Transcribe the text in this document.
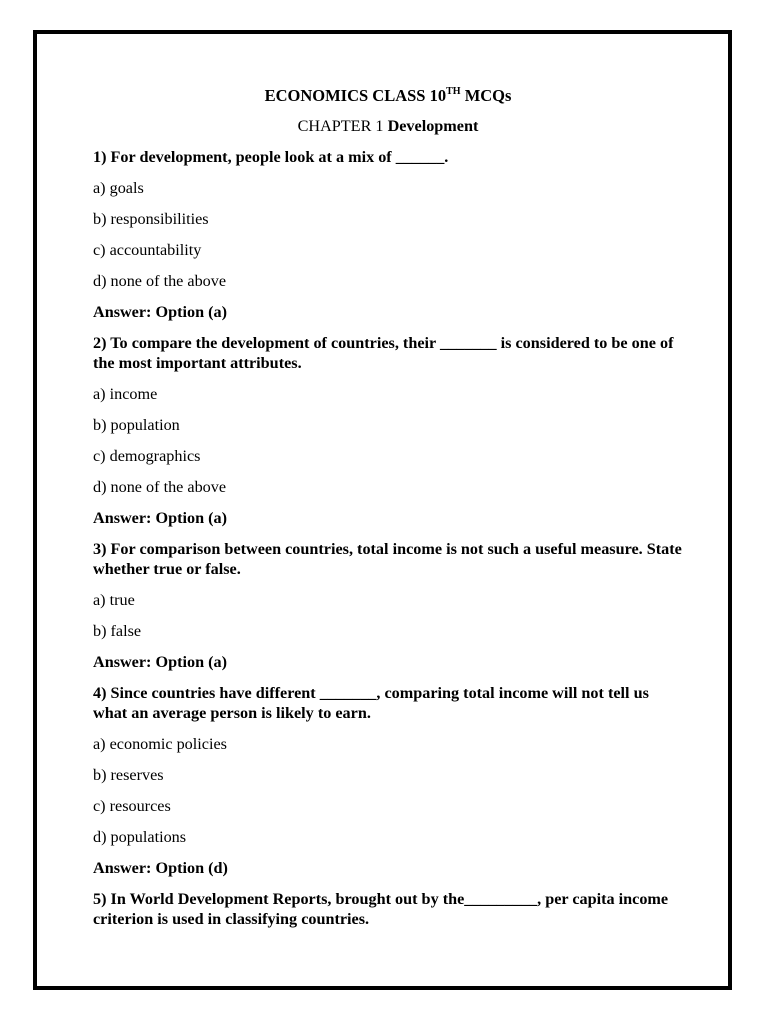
ECONOMICS CLASS 10TH MCQs
CHAPTER 1 Development
1) For development, people look at a mix of ______.
a) goals
b) responsibilities
c) accountability
d) none of the above
Answer: Option (a)
2) To compare the development of countries, their _______ is considered to be one of the most important attributes.
a) income
b) population
c) demographics
d) none of the above
Answer: Option (a)
3) For comparison between countries, total income is not such a useful measure. State whether true or false.
a) true
b) false
Answer: Option (a)
4) Since countries have different _______, comparing total income will not tell us what an average person is likely to earn.
a) economic policies
b) reserves
c) resources
d) populations
Answer: Option (d)
5) In World Development Reports, brought out by the_________, per capita income criterion is used in classifying countries.
